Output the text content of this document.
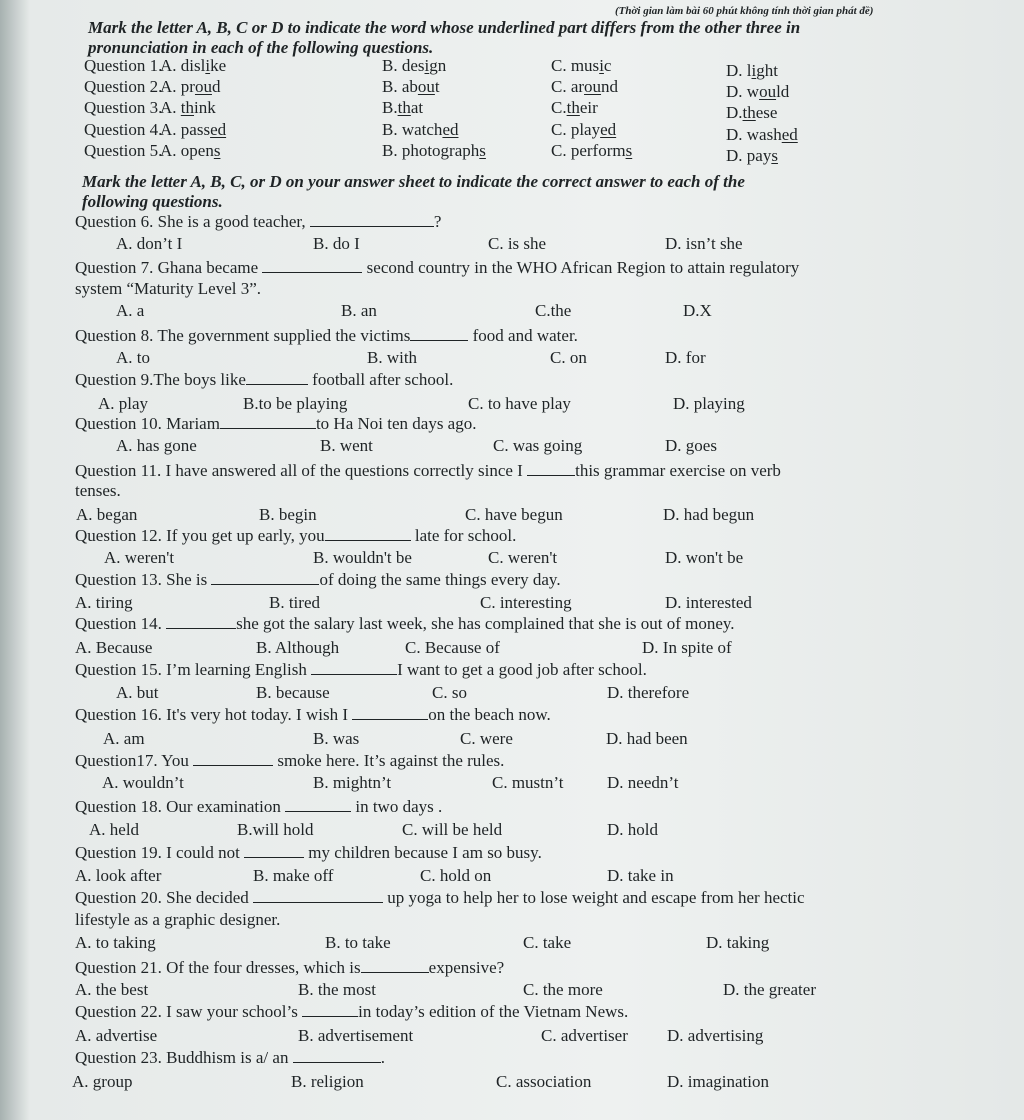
(Thời gian làm bài 60 phút không tính thời gian phát đề)
Mark the letter A, B, C or D to indicate the word whose underlined part differs from the other three in
pronunciation in each of the following questions.
Question 1.
A. dislike	B. design	C. music	D. light
Question 2.
A. proud	B. about	C. around	D. would
Question 3.
A. think	B.that	C.their	D.these
Question 4.
A. passed	B. watched	C. played	D. washed
Question 5.
A. opens	B. photographs	C. performs	D. pays
Mark the letter A, B, C, or D on your answer sheet to indicate the correct answer to each of the
following questions.
Question 6. She is a good teacher,	?
A. don’t I	B. do I	C. is she	D. isn’t she
Question 7. Ghana became	second country in the WHO African Region to attain regulatory
system “Maturity Level 3”.
A. a	B. an	C.the	D.X
Question 8. The government supplied the victims	food and water.
A. to	B. with	C. on	D. for
Question 9.The boys like	football after school.
A. play	B.to be playing	C. to have play	D. playing
Question 10. Mariam	to Ha Noi ten days ago.
A. has gone	B. went	C. was going	D. goes
Question 11. I have answered all of the questions correctly since I	this grammar exercise on verb
tenses.
A. began	B. begin	C. have begun	D. had begun
Question 12. If you get up early, you	late for school.
A. weren't	B. wouldn't be	C. weren't	D. won't be
Question 13. She is	of doing the same things every day.
A. tiring	B. tired	C. interesting	D. interested
Question 14.	she got the salary last week, she has complained that she is out of money.
A. Because	B. Although	C. Because of	D. In spite of
Question 15. I’m learning English	I want to get a good job after school.
A. but	B. because	C. so	D. therefore
Question 16. It's very hot today. I wish I	on the beach now.
A. am	B. was	C. were	D. had been
Question17. You	smoke here. It’s against the rules.
A. wouldn’t	B. mightn’t	C. mustn’t	D. needn’t
Question 18. Our examination	in two days .
A. held	B.will hold	C. will be held	D. hold
Question 19. I could not	my children because I am so busy.
A. look after	B. make off	C. hold on	D. take in
Question 20. She decided	up yoga to help her to lose weight and escape from her hectic
lifestyle as a graphic designer.
A. to taking	B. to take	C. take	D. taking
Question 21. Of the four dresses, which is	expensive?
A. the best	B. the most	C. the more	D. the greater
Question 22. I saw your school’s	in today’s edition of the Vietnam News.
A. advertise	B. advertisement	C. advertiser D. advertising
Question 23. Buddhism is a/ an	.
A. group	B. religion	C. association	D. imagination
